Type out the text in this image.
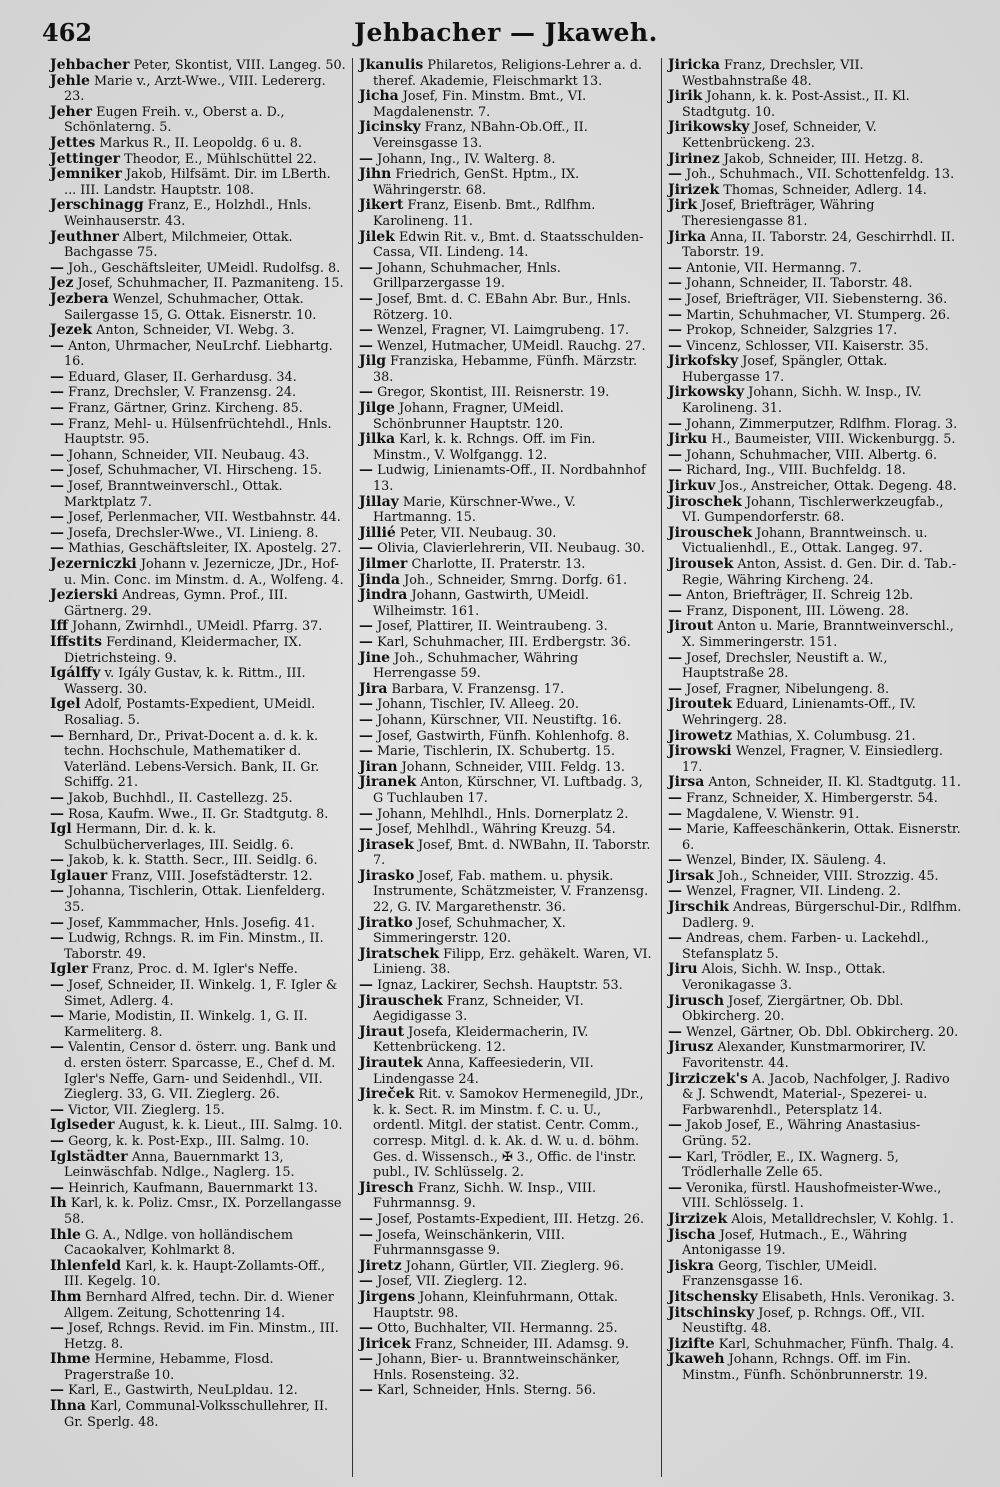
462	Jehbacher — Jkaweh.

Jehbacher Peter, Skontist, VIII. Langeg. 50.

Jehle Marie v., Arzt-Wwe., VIII. Ledererg. 23.

Jeher Eugen Freih. v., Oberst a. D., Schönlaterng. 5.

Jettes Markus R., II. Leopoldg. 6 u. 8.

Jettinger Theodor, E., Mühlschüttel 22.

Jemniker Jakob, Hilfsämt. Dir. im LBerth. ... III. Landstr. Hauptstr. 108.

Jerschinagg Franz, E., Holzhdl., Hnls. Weinhauserstr. 43.

Jeuthner Albert, Milchmeier, Ottak. Bachgasse 75.

— Joh., Geschäftsleiter, UMeidl. Rudolfsg. 8.

Jez Josef, Schuhmacher, II. Pazmaniteng. 15.

Jezbera Wenzel, Schuhmacher, Ottak. Sailergasse 15, G. Ottak. Eisnerstr. 10.

Jezek Anton, Schneider, VI. Webg. 3.

— Anton, Uhrmacher, NeuLrchf. Liebhartg. 16.

— Eduard, Glaser, II. Gerhardusg. 34.

— Franz, Drechsler, V. Franzensg. 24.

— Franz, Gärtner, Grinz. Kircheng. 85.

— Franz, Mehl- u. Hülsenfrüchtehdl., Hnls. Hauptstr. 95.

— Johann, Schneider, VII. Neubaug. 43.

— Josef, Schuhmacher, VI. Hirscheng. 15.

— Josef, Branntweinverschl., Ottak. Marktplatz 7.

— Josef, Perlenmacher, VII. Westbahnstr. 44.

— Josefa, Drechsler-Wwe., VI. Linieng. 8.

— Mathias, Geschäftsleiter, IX. Apostelg. 27.

Jezerniczki Johann v. Jezernicze, JDr., Hof- u. Min. Conc. im Minstm. d. A., Wolfeng. 4.

Jezierski Andreas, Gymn. Prof., III. Gärtnerg. 29.

Iff Johann, Zwirnhdl., UMeidl. Pfarrg. 37.

Iffstits Ferdinand, Kleidermacher, IX. Dietrichsteing. 9.

Igálffy v. Igály Gustav, k. k. Rittm., III. Wasserg. 30.

Igel Adolf, Postamts-Expedient, UMeidl. Rosaliag. 5.

— Bernhard, Dr., Privat-Docent a. d. k. k. techn. Hochschule, Mathematiker d. Vaterländ. Lebens-Versich. Bank, II. Gr. Schiffg. 21.

— Jakob, Buchhdl., II. Castellezg. 25.

— Rosa, Kaufm. Wwe., II. Gr. Stadtgutg. 8.

Igl Hermann, Dir. d. k. k. Schulbücherverlages, III. Seidlg. 6.

— Jakob, k. k. Statth. Secr., III. Seidlg. 6.

Iglauer Franz, VIII. Josefstädterstr. 12.

— Johanna, Tischlerin, Ottak. Lienfelderg. 35.

— Josef, Kammmacher, Hnls. Josefig. 41.

— Ludwig, Rchngs. R. im Fin. Minstm., II. Taborstr. 49.

Igler Franz, Proc. d. M. Igler's Neffe.

— Josef, Schneider, II. Winkelg. 1, F. Igler & Simet, Adlerg. 4.

— Marie, Modistin, II. Winkelg. 1, G. II. Karmeliterg. 8.

— Valentin, Censor d. österr. ung. Bank und d. ersten österr. Sparcasse, E., Chef d. M. Igler's Neffe, Garn- und Seidenhdl., VII. Zieglerg. 33, G. VII. Zieglerg. 26.

— Victor, VII. Zieglerg. 15.

Iglseder August, k. k. Lieut., III. Salmg. 10.

— Georg, k. k. Post-Exp., III. Salmg. 10.

Iglstädter Anna, Bauernmarkt 13, Leinwäschfab. Ndlge., Naglerg. 15.

— Heinrich, Kaufmann, Bauernmarkt 13.

Ih Karl, k. k. Poliz. Cmsr., IX. Porzellangasse 58.

Ihle G. A., Ndlge. von holländischem Cacaokalver, Kohlmarkt 8.

Ihlenfeld Karl, k. k. Haupt-Zollamts-Off., III. Kegelg. 10.

Ihm Bernhard Alfred, techn. Dir. d. Wiener Allgem. Zeitung, Schottenring 14.

— Josef, Rchngs. Revid. im Fin. Minstm., III. Hetzg. 8.

Ihme Hermine, Hebamme, Flosd. Pragerstraße 10.

— Karl, E., Gastwirth, NeuLpldau. 12.

Ihna Karl, Communal-Volksschullehrer, II. Gr. Sperlg. 48.

Jkanulis Philaretos, Religions-Lehrer a. d. theref. Akademie, Fleischmarkt 13.

Jicha Josef, Fin. Minstm. Bmt., VI. Magdalenenstr. 7.

Jicinsky Franz, NBahn-Ob.Off., II. Vereinsgasse 13.

— Johann, Ing., IV. Walterg. 8.

Jihn Friedrich, GenSt. Hptm., IX. Währingerstr. 68.

Jikert Franz, Eisenb. Bmt., Rdlfhm. Karolineng. 11.

Jilek Edwin Rit. v., Bmt. d. Staatsschulden-Cassa, VII. Lindeng. 14.

— Johann, Schuhmacher, Hnls. Grillparzergasse 19.

— Josef, Bmt. d. C. EBahn Abr. Bur., Hnls. Rötzerg. 10.

— Wenzel, Fragner, VI. Laimgrubeng. 17.

— Wenzel, Hutmacher, UMeidl. Rauchg. 27.

Jilg Franziska, Hebamme, Fünfh. Märzstr. 38.

— Gregor, Skontist, III. Reisnerstr. 19.

Jilge Johann, Fragner, UMeidl. Schönbrunner Hauptstr. 120.

Jilka Karl, k. k. Rchngs. Off. im Fin. Minstm., V. Wolfgangg. 12.

— Ludwig, Linienamts-Off., II. Nordbahnhof 13.

Jillay Marie, Kürschner-Wwe., V. Hartmanng. 15.

Jillié Peter, VII. Neubaug. 30.

— Olivia, Clavierlehrerin, VII. Neubaug. 30.

Jilmer Charlotte, II. Praterstr. 13.

Jinda Joh., Schneider, Smrng. Dorfg. 61.

Jindra Johann, Gastwirth, UMeidl. Wilheimstr. 161.

— Josef, Plattirer, II. Weintraubeng. 3.

— Karl, Schuhmacher, III. Erdbergstr. 36.

Jine Joh., Schuhmacher, Währing Herrengasse 59.

Jira Barbara, V. Franzensg. 17.

— Johann, Tischler, IV. Alleeg. 20.

— Johann, Kürschner, VII. Neustiftg. 16.

— Josef, Gastwirth, Fünfh. Kohlenhofg. 8.

— Marie, Tischlerin, IX. Schubertg. 15.

Jiran Johann, Schneider, VIII. Feldg. 13.

Jiranek Anton, Kürschner, VI. Luftbadg. 3, G Tuchlauben 17.

— Johann, Mehlhdl., Hnls. Dornerplatz 2.

— Josef, Mehlhdl., Währing Kreuzg. 54.

Jirasek Josef, Bmt. d. NWBahn, II. Taborstr. 7.

Jirasko Josef, Fab. mathem. u. physik. Instrumente, Schätzmeister, V. Franzensg. 22, G. IV. Margarethenstr. 36.

Jiratko Josef, Schuhmacher, X. Simmeringerstr. 120.

Jiratschek Filipp, Erz. gehäkelt. Waren, VI. Linieng. 38.

— Ignaz, Lackirer, Sechsh. Hauptstr. 53.

Jirauschek Franz, Schneider, VI. Aegidigasse 3.

Jiraut Josefa, Kleidermacherin, IV. Kettenbrückeng. 12.

Jirautek Anna, Kaffeesiederin, VII. Lindengasse 24.

Jireček Rit. v. Samokov Hermenegild, JDr., k. k. Sect. R. im Minstm. f. C. u. U., ordentl. Mitgl. der statist. Centr. Comm., corresp. Mitgl. d. k. Ak. d. W. u. d. böhm. Ges. d. Wissensch., ✠ 3., Offic. de l'instr. publ., IV. Schlüsselg. 2.

Jiresch Franz, Sichh. W. Insp., VIII. Fuhrmannsg. 9.

— Josef, Postamts-Expedient, III. Hetzg. 26.

— Josefa, Weinschänkerin, VIII. Fuhrmannsgasse 9.

Jiretz Johann, Gürtler, VII. Zieglerg. 96.

— Josef, VII. Zieglerg. 12.

Jirgens Johann, Kleinfuhrmann, Ottak. Hauptstr. 98.

— Otto, Buchhalter, VII. Hermanng. 25.

Jiricek Franz, Schneider, III. Adamsg. 9.

— Johann, Bier- u. Branntweinschänker, Hnls. Rosensteing. 32.

— Karl, Schneider, Hnls. Sterng. 56.

Jiricka Franz, Drechsler, VII. Westbahnstraße 48.

Jirik Johann, k. k. Post-Assist., II. Kl. Stadtgutg. 10.

Jirikowsky Josef, Schneider, V. Kettenbrückeng. 23.

Jirinez Jakob, Schneider, III. Hetzg. 8.

— Joh., Schuhmach., VII. Schottenfeldg. 13.

Jirizek Thomas, Schneider, Adlerg. 14.

Jirk Josef, Briefträger, Währing Theresiengasse 81.

Jirka Anna, II. Taborstr. 24, Geschirrhdl. II. Taborstr. 19.

— Antonie, VII. Hermanng. 7.

— Johann, Schneider, II. Taborstr. 48.

— Josef, Briefträger, VII. Siebensterng. 36.

— Martin, Schuhmacher, VI. Stumperg. 26.

— Prokop, Schneider, Salzgries 17.

— Vincenz, Schlosser, VII. Kaiserstr. 35.

Jirkofsky Josef, Spängler, Ottak. Hubergasse 17.

Jirkowsky Johann, Sichh. W. Insp., IV. Karolineng. 31.

— Johann, Zimmerputzer, Rdlfhm. Florag. 3.

Jirku H., Baumeister, VIII. Wickenburgg. 5.

— Johann, Schuhmacher, VIII. Albertg. 6.

— Richard, Ing., VIII. Buchfeldg. 18.

Jirkuv Jos., Anstreicher, Ottak. Degeng. 48.

Jiroschek Johann, Tischlerwerkzeugfab., VI. Gumpendorferstr. 68.

Jirouschek Johann, Branntweinsch. u. Victualienhdl., E., Ottak. Langeg. 97.

Jirousek Anton, Assist. d. Gen. Dir. d. Tab.-Regie, Währing Kircheng. 24.

— Anton, Briefträger, II. Schreig 12b.

— Franz, Disponent, III. Löweng. 28.

Jirout Anton u. Marie, Branntweinverschl., X. Simmeringerstr. 151.

— Josef, Drechsler, Neustift a. W., Hauptstraße 28.

— Josef, Fragner, Nibelungeng. 8.

Jiroutek Eduard, Linienamts-Off., IV. Wehringerg. 28.

Jirowetz Mathias, X. Columbusg. 21.

Jirowski Wenzel, Fragner, V. Einsiedlerg. 17.

Jirsa Anton, Schneider, II. Kl. Stadtgutg. 11.

— Franz, Schneider, X. Himbergerstr. 54.

— Magdalene, V. Wienstr. 91.

— Marie, Kaffeeschänkerin, Ottak. Eisnerstr. 6.

— Wenzel, Binder, IX. Säuleng. 4.

Jirsak Joh., Schneider, VIII. Strozzig. 45.

— Wenzel, Fragner, VII. Lindeng. 2.

Jirschik Andreas, Bürgerschul-Dir., Rdlfhm. Dadlerg. 9.

— Andreas, chem. Farben- u. Lackehdl., Stefansplatz 5.

Jiru Alois, Sichh. W. Insp., Ottak. Veronikagasse 3.

Jirusch Josef, Ziergärtner, Ob. Dbl. Obkircherg. 20.

— Wenzel, Gärtner, Ob. Dbl. Obkircherg. 20.

Jirusz Alexander, Kunstmarmorirer, IV. Favoritenstr. 44.

Jirziczek's A. Jacob, Nachfolger, J. Radivo & J. Schwendt, Material-, Spezerei- u. Farbwarenhdl., Petersplatz 14.

— Jakob Josef, E., Währing Anastasius-Grüng. 52.

— Karl, Trödler, E., IX. Wagnerg. 5, Trödlerhalle Zelle 65.

— Veronika, fürstl. Haushofmeister-Wwe., VIII. Schlösselg. 1.

Jirzizek Alois, Metalldrechsler, V. Kohlg. 1.

Jischa Josef, Hutmach., E., Währing Antonigasse 19.

Jiskra Georg, Tischler, UMeidl. Franzensgasse 16.

Jitschensky Elisabeth, Hnls. Veronikag. 3.

Jitschinsky Josef, p. Rchngs. Off., VII. Neustiftg. 48.

Jizifte Karl, Schuhmacher, Fünfh. Thalg. 4.

Jkaweh Johann, Rchngs. Off. im Fin. Minstm., Fünfh. Schönbrunnerstr. 19.
